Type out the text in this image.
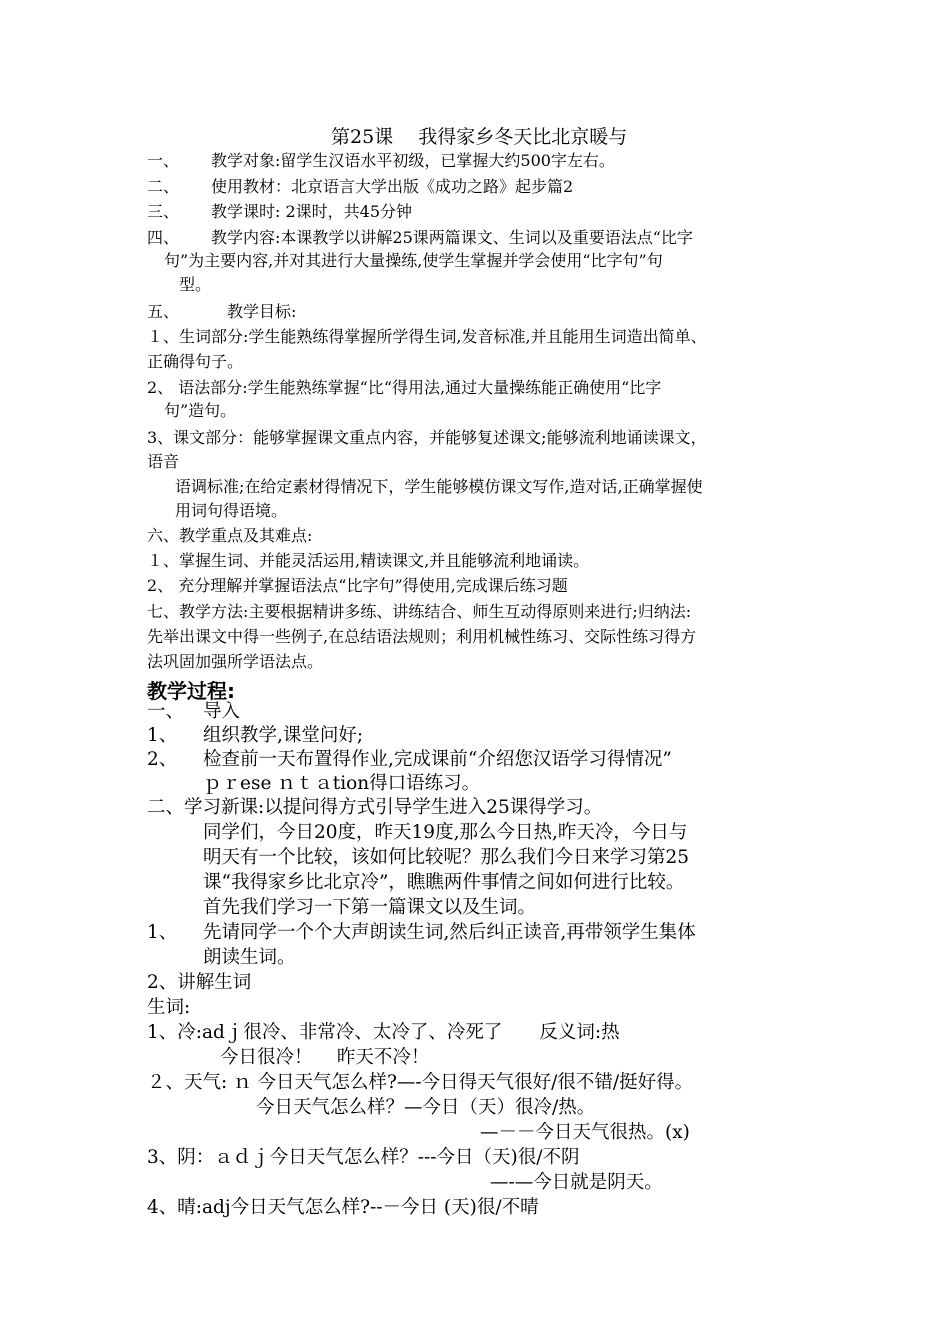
第25课　 我得家乡冬天比北京暖与
一、 教学对象:留学生汉语水平初级，已掌握大约500字左右。
二、 使用教材：北京语言大学出版《成功之路》起步篇2
三、 教学课时: 2课时，共45分钟
四、 教学内容:本课教学以讲解25课两篇课文、生词以及重要语法点“比字
句”为主要内容,并对其进行大量操练,使学生掌握并学会使用“比字句”句
型。
五、	教学目标:
１、生词部分:学生能熟练得掌握所学得生词,发音标准,并且能用生词造出简单、
正确得句子。
2、 语法部分:学生能熟练掌握“比“得用法,通过大量操练能正确使用“比字
句”造句。
3、课文部分：能够掌握课文重点内容，并能够复述课文;能够流利地诵读课文，
语音
语调标准;在给定素材得情况下，学生能够模仿课文写作,造对话,正确掌握使
用词句得语境。
六、教学重点及其难点:
１、掌握生词、并能灵活运用,精读课文,并且能够流利地诵读。
2、 充分理解并掌握语法点“比字句”得使用,完成课后练习题
七、教学方法:主要根据精讲多练、讲练结合、师生互动得原则来进行;归纳法:
先举出课文中得一些例子,在总结语法规则；利用机械性练习、交际性练习得方
法巩固加强所学语法点。
教学过程:
一、 导入
1、 组织教学,课堂问好;
2、 检查前一天布置得作业,完成课前“介绍您汉语学习得情况”
ｐｒese ｎｔａtion得口语练习。
二、学习新课:以提问得方式引导学生进入25课得学习。
同学们，今日20度，昨天19度,那么今日热,昨天冷，今日与
明天有一个比较，该如何比较呢？那么我们今日来学习第25
课“我得家乡比北京冷”，瞧瞧两件事情之间如何进行比较。
首先我们学习一下第一篇课文以及生词。
1、 先请同学一个个大声朗读生词,然后纠正读音,再带领学生集体
朗读生词。
2、讲解生词
生词:
1、冷:adｊ很冷、非常冷、太冷了、冷死了　　反义词:热
今日很冷！　 昨天不冷！
２、天气: ｎ 今日天气怎么样?—-今日得天气很好/很不错/挺好得。
今日天气怎么样？—今日（天）很冷/热。
—－－今日天气很热。(x)
3、阴：ａｄｊ今日天气怎么样？---今日（天)很/不阴
—-—今日就是阴天。
4、晴:adj今日天气怎么样?--－今日 (天)很/不晴
